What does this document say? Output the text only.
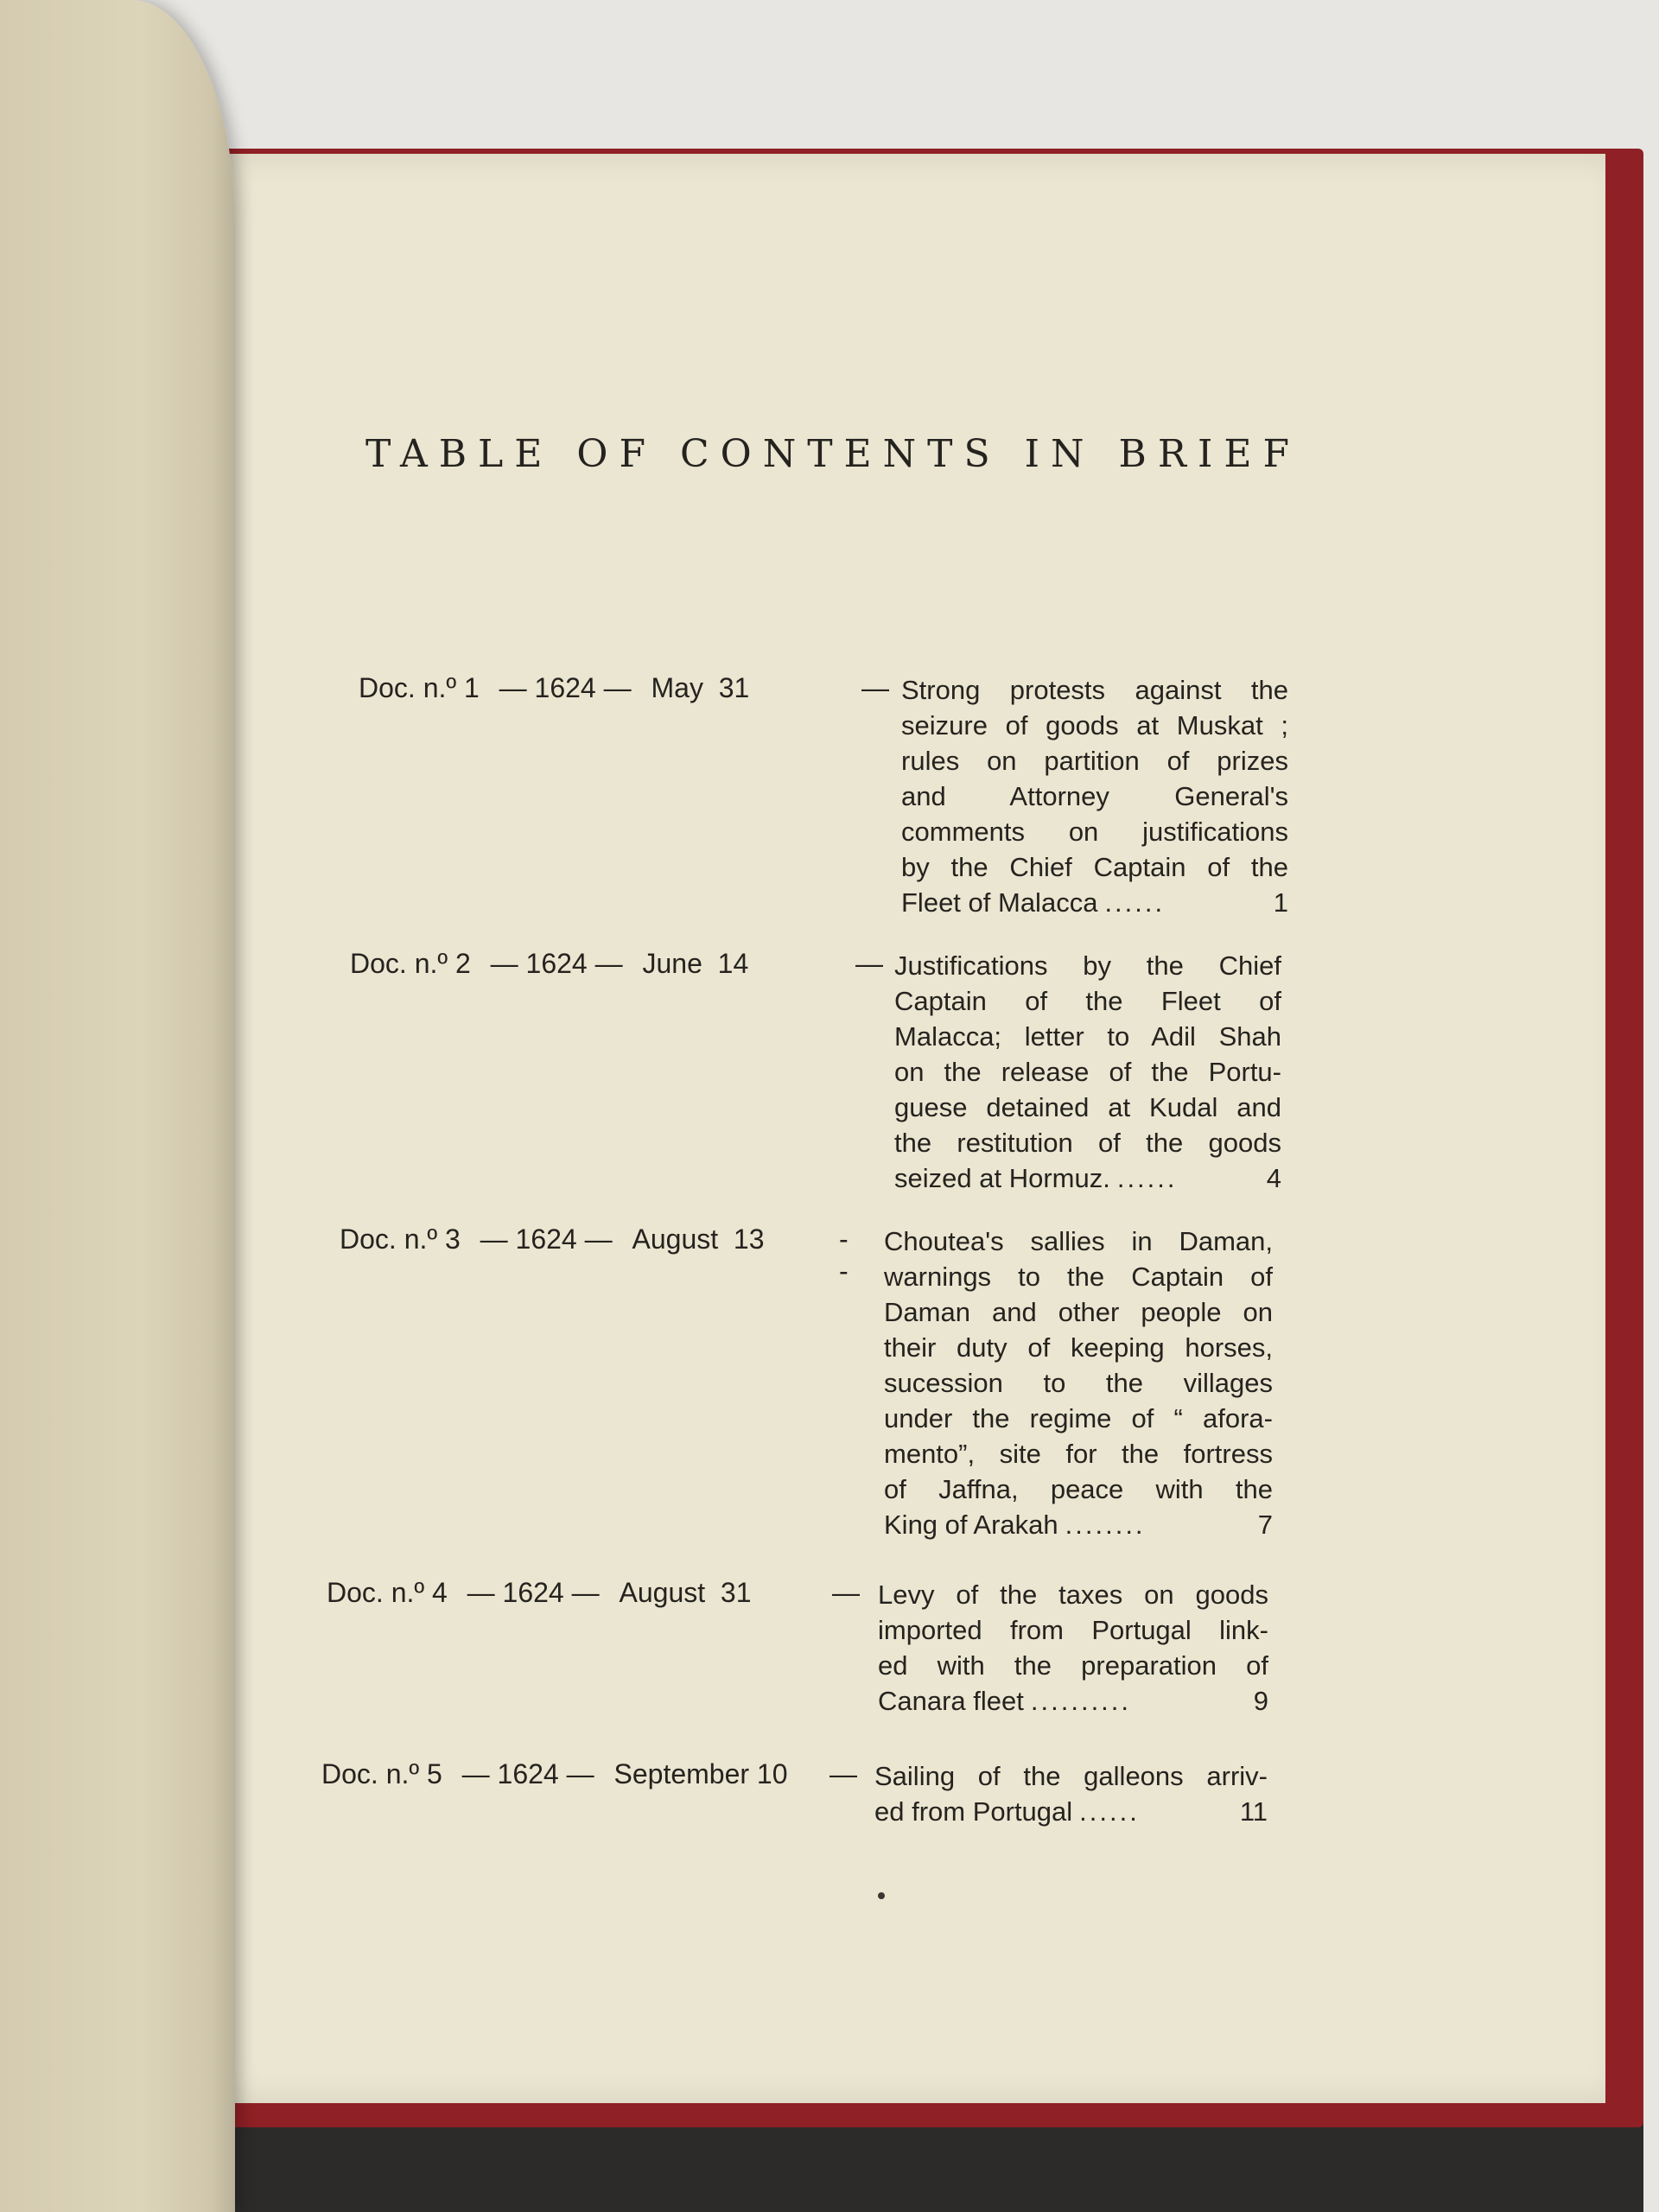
TABLE OF CONTENTS IN BRIEF
Doc. n.º 1 — 1624 — May  31	— Strong protests against the
seizure of goods at Muskat ;
rules on partition of prizes
and Attorney General's
comments on justifications
by the Chief Captain of the
Fleet of Malacca ......	1
Doc. n.º 2 — 1624 — June  14	— Justifications by the Chief
Captain of the Fleet of
Malacca; letter to Adil Shah
on the release of the Portu-
guese detained at Kudal and
the restitution of the goods
seized at Hormuz. ......	4
Doc. n.º 3 — 1624 — August  13	--
Choutea's sallies in Daman,
warnings to the Captain of
Daman and other people on
their duty of keeping horses,
sucession to the villages
under the regime of “ afora-
mento”, site for the fortress
of Jaffna, peace with the
King of Arakah ........	7
Doc. n.º 4 — 1624 — August  31	— Levy of the taxes on goods
imported from Portugal link-
ed with the preparation of
Canara fleet ..........	9
Doc. n.º 5 — 1624 — September 10	— Sailing of the galleons arriv-
ed from Portugal ......	11
